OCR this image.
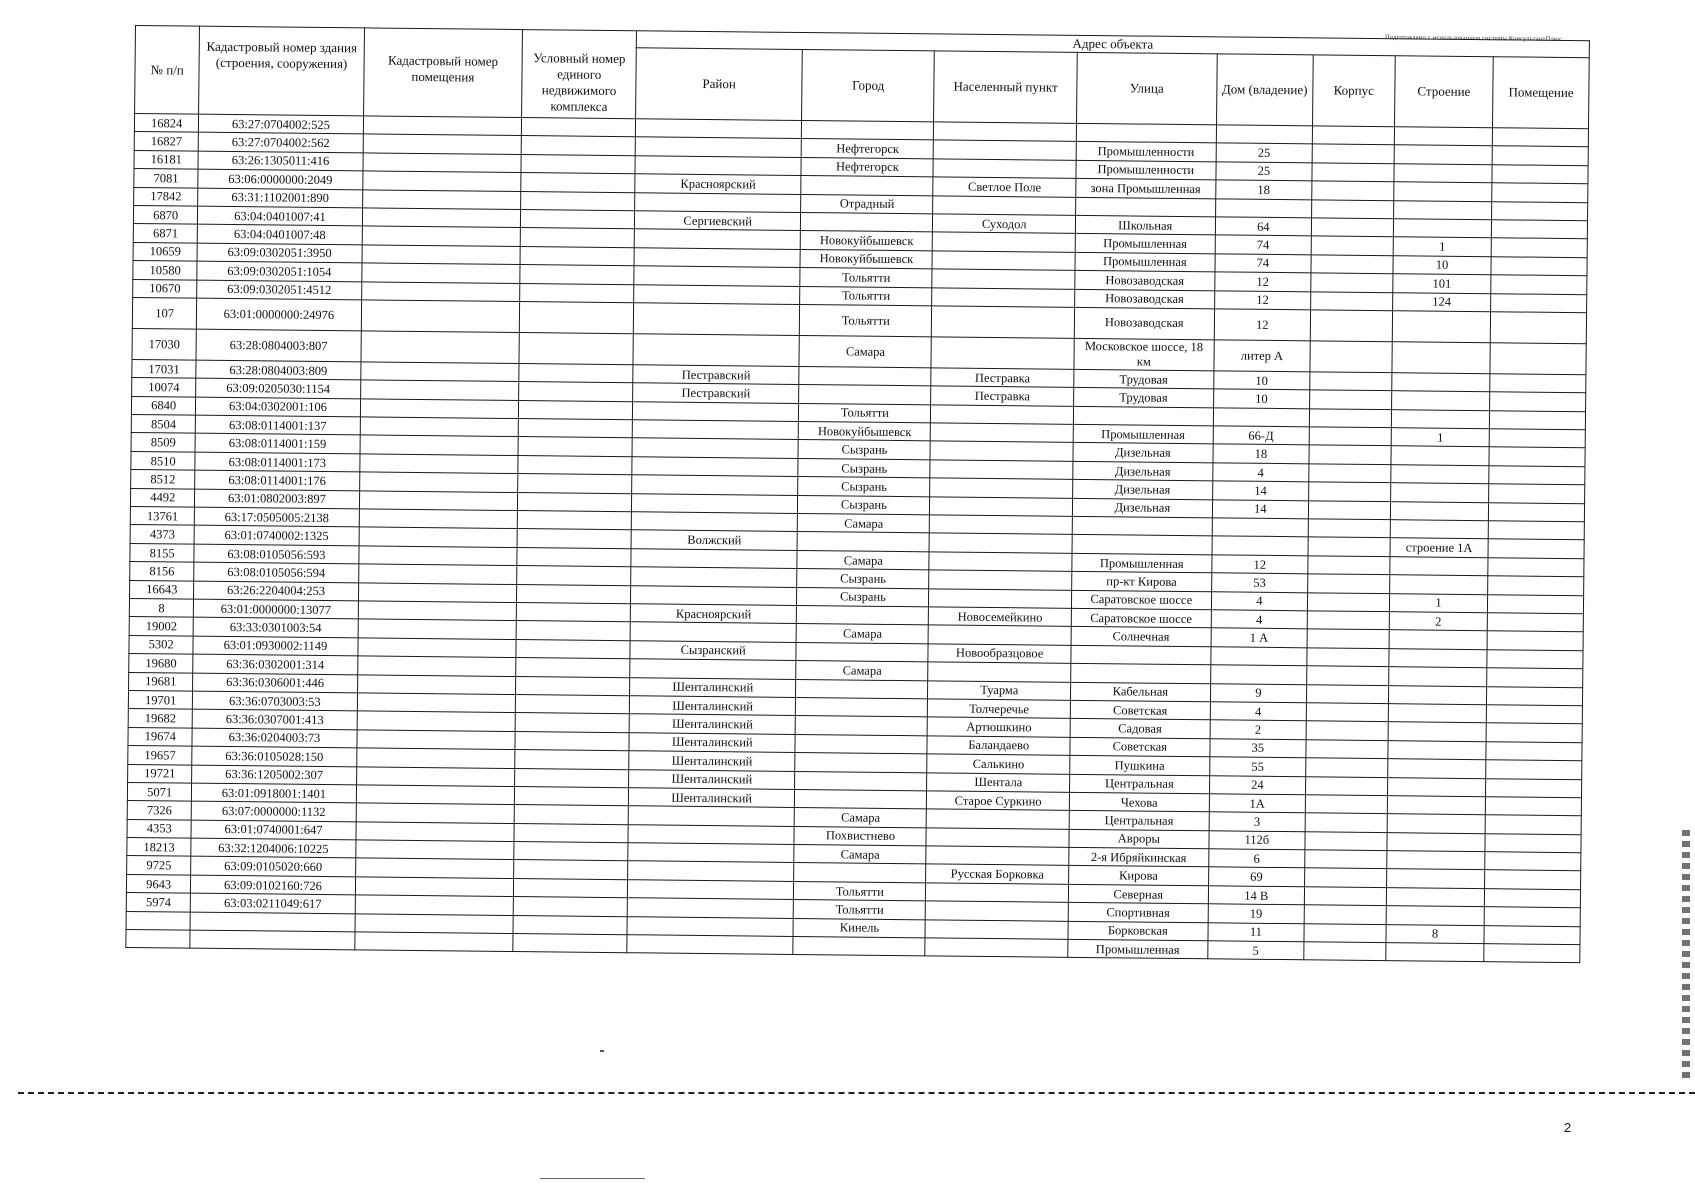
Подготовлено с использованием системы КонсультантПлюс
№ п/п	Кадастровый номер здания (строения, сооружения)	Кадастровый номер помещения	Условный номер единого недвижимого комплекса	Адрес объекта							
				Район	Город	Населенный пункт	Улица	Дом (владение)	Корпус	Строение	Помещение
16824	63:27:0704002:525										
16827	63:27:0704002:562				Нефтегорск		Промышленности	25			
16181	63:26:1305011:416				Нефтегорск		Промышленности	25			
7081	63:06:0000000:2049			Красноярский		Светлое Поле	зона Промышленная	18			
17842	63:31:1102001:890				Отрадный						
6870	63:04:0401007:41			Сергиевский		Суходол	Школьная	64			
6871	63:04:0401007:48				Новокуйбышевск		Промышленная	74		1	
10659	63:09:0302051:3950				Новокуйбышевск		Промышленная	74		10	
10580	63:09:0302051:1054				Тольятти		Новозаводская	12		101	
10670	63:09:0302051:4512				Тольятти		Новозаводская	12		124	
107	63:01:0000000:24976				Тольятти		Новозаводская	12			
17030	63:28:0804003:807				Самара		Московское шоссе, 18 км	литер А			
17031	63:28:0804003:809			Пестравский		Пестравка	Трудовая	10			
10074	63:09:0205030:1154			Пестравский		Пестравка	Трудовая	10			
6840	63:04:0302001:106				Тольятти						
8504	63:08:0114001:137				Новокуйбышевск		Промышленная	66-Д		1	
8509	63:08:0114001:159				Сызрань		Дизельная	18			
8510	63:08:0114001:173				Сызрань		Дизельная	4			
8512	63:08:0114001:176				Сызрань		Дизельная	14			
4492	63:01:0802003:897				Сызрань		Дизельная	14			
13761	63:17:0505005:2138				Самара						
4373	63:01:0740002:1325			Волжский						строение 1А	
8155	63:08:0105056:593				Самара		Промышленная	12			
8156	63:08:0105056:594				Сызрань		пр-кт Кирова	53			
16643	63:26:2204004:253				Сызрань		Саратовское шоссе	4		1	
8	63:01:0000000:13077			Красноярский		Новосемейкино	Саратовское шоссе	4		2	
19002	63:33:0301003:54				Самара		Солнечная	1 А			
5302	63:01:0930002:1149			Сызранский		Новообразцовое					
19680	63:36:0302001:314				Самара						
19681	63:36:0306001:446			Шенталинский		Туарма	Кабельная	9			
19701	63:36:0703003:53			Шенталинский		Толчеречье	Советская	4			
19682	63:36:0307001:413			Шенталинский		Артюшкино	Садовая	2			
19674	63:36:0204003:73			Шенталинский		Баландаево	Советская	35			
19657	63:36:0105028:150			Шенталинский		Салькино	Пушкина	55			
19721	63:36:1205002:307			Шенталинский		Шентала	Центральная	24			
5071	63:01:0918001:1401			Шенталинский		Старое Суркино	Чехова	1А			
7326	63:07:0000000:1132				Самара		Центральная	3			
4353	63:01:0740001:647				Похвистнево		Авроры	112б			
18213	63:32:1204006:10225				Самара		2-я Ибряйкинская	6			
9725	63:09:0105020:660					Русская Борковка	Кирова	69			
9643	63:09:0102160:726				Тольятти		Северная	14 В			
5974	63:03:0211049:617				Тольятти		Спортивная	19			
					Кинель		Борковская	11		8	
							Промышленная	5			
2
